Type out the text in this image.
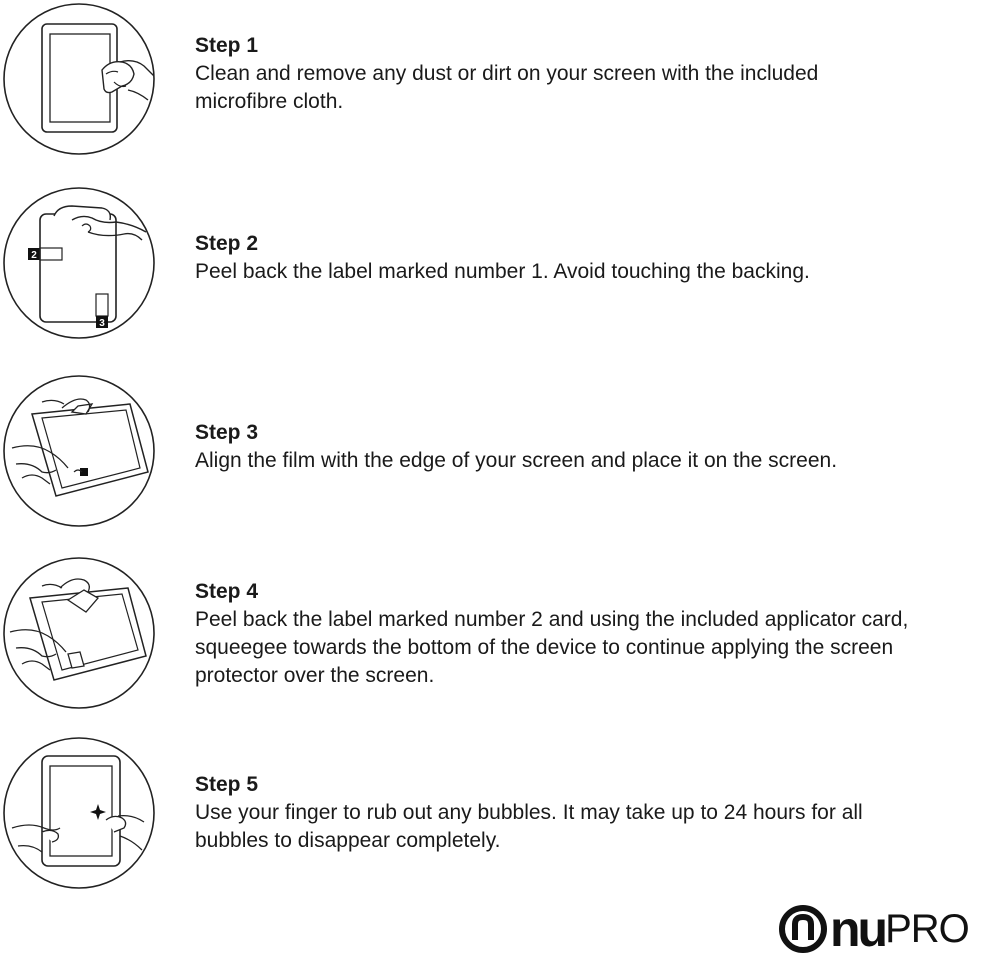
Step 1

Clean and remove any dust or dirt on your screen with the included

microfibre cloth.

2
3

Step 2

Peel back the label marked number 1. Avoid touching the backing.

Step 3

Align the film with the edge of your screen and place it on the screen.

Step 4

Peel back the label marked number 2 and using the included applicator card,

squeegee towards the bottom of the device to continue applying the screen

protector over the screen.

Step 5

Use your finger to rub out any bubbles. It may take up to 24 hours for all

bubbles to disappear completely.

nu PRO
